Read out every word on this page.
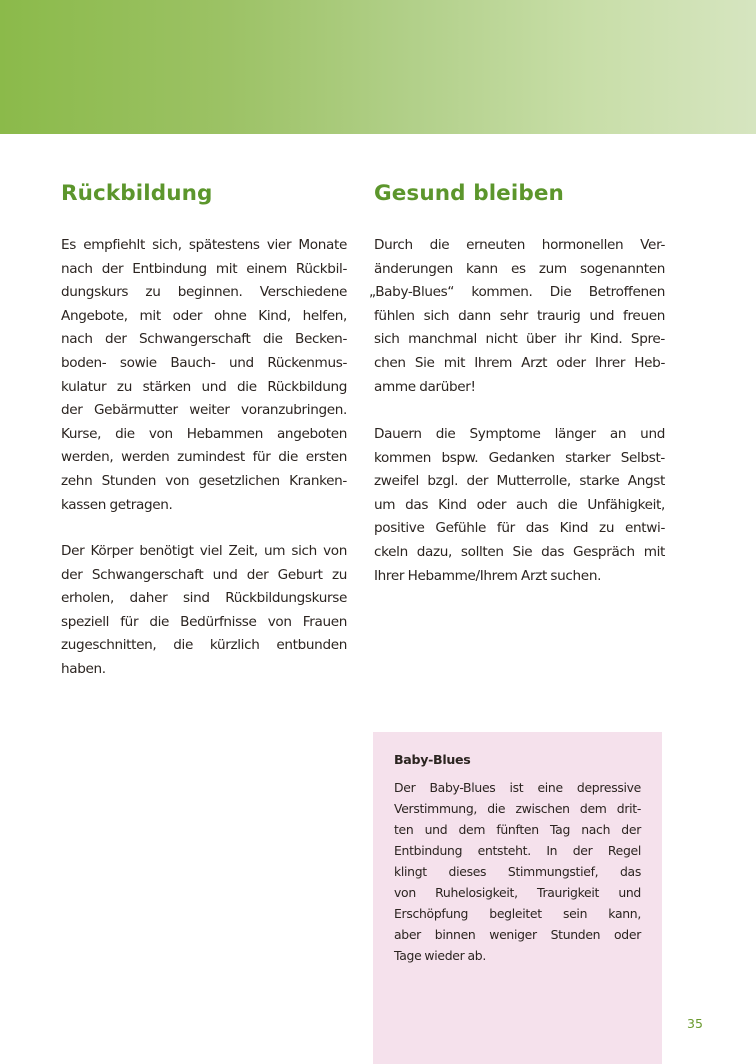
Rückbildung
Es empfiehlt sich, spätestens vier Monate
nach der Entbindung mit einem Rückbil-
dungskurs zu beginnen. Verschiedene
Angebote, mit oder ohne Kind, helfen,
nach der Schwangerschaft die Becken-
boden- sowie Bauch- und Rückenmus-
kulatur zu stärken und die Rückbildung
der Gebärmutter weiter voranzubringen.
Kurse, die von Hebammen angeboten
werden, werden zumindest für die ersten
zehn Stunden von gesetzlichen Kranken-
kassen getragen.
Der Körper benötigt viel Zeit, um sich von
der Schwangerschaft und der Geburt zu
erholen, daher sind Rückbildungskurse
speziell für die Bedürfnisse von Frauen
zugeschnitten, die kürzlich entbunden
haben.
Gesund bleiben
Durch die erneuten hormonellen Ver-
änderungen kann es zum sogenannten
„Baby-Blues“ kommen. Die Betroffenen
fühlen sich dann sehr traurig und freuen
sich manchmal nicht über ihr Kind. Spre-
chen Sie mit Ihrem Arzt oder Ihrer Heb-
amme darüber!
Dauern die Symptome länger an und
kommen bspw. Gedanken starker Selbst-
zweifel bzgl. der Mutterrolle, starke Angst
um das Kind oder auch die Unfähigkeit,
positive Gefühle für das Kind zu entwi-
ckeln dazu, sollten Sie das Gespräch mit
Ihrer Hebamme/Ihrem Arzt suchen.
Baby-Blues
Der Baby-Blues ist eine depressive
Verstimmung, die zwischen dem drit-
ten und dem fünften Tag nach der
Entbindung entsteht. In der Regel
klingt dieses Stimmungstief, das
von Ruhelosigkeit, Traurigkeit und
Erschöpfung begleitet sein kann,
aber binnen weniger Stunden oder
Tage wieder ab.
35
